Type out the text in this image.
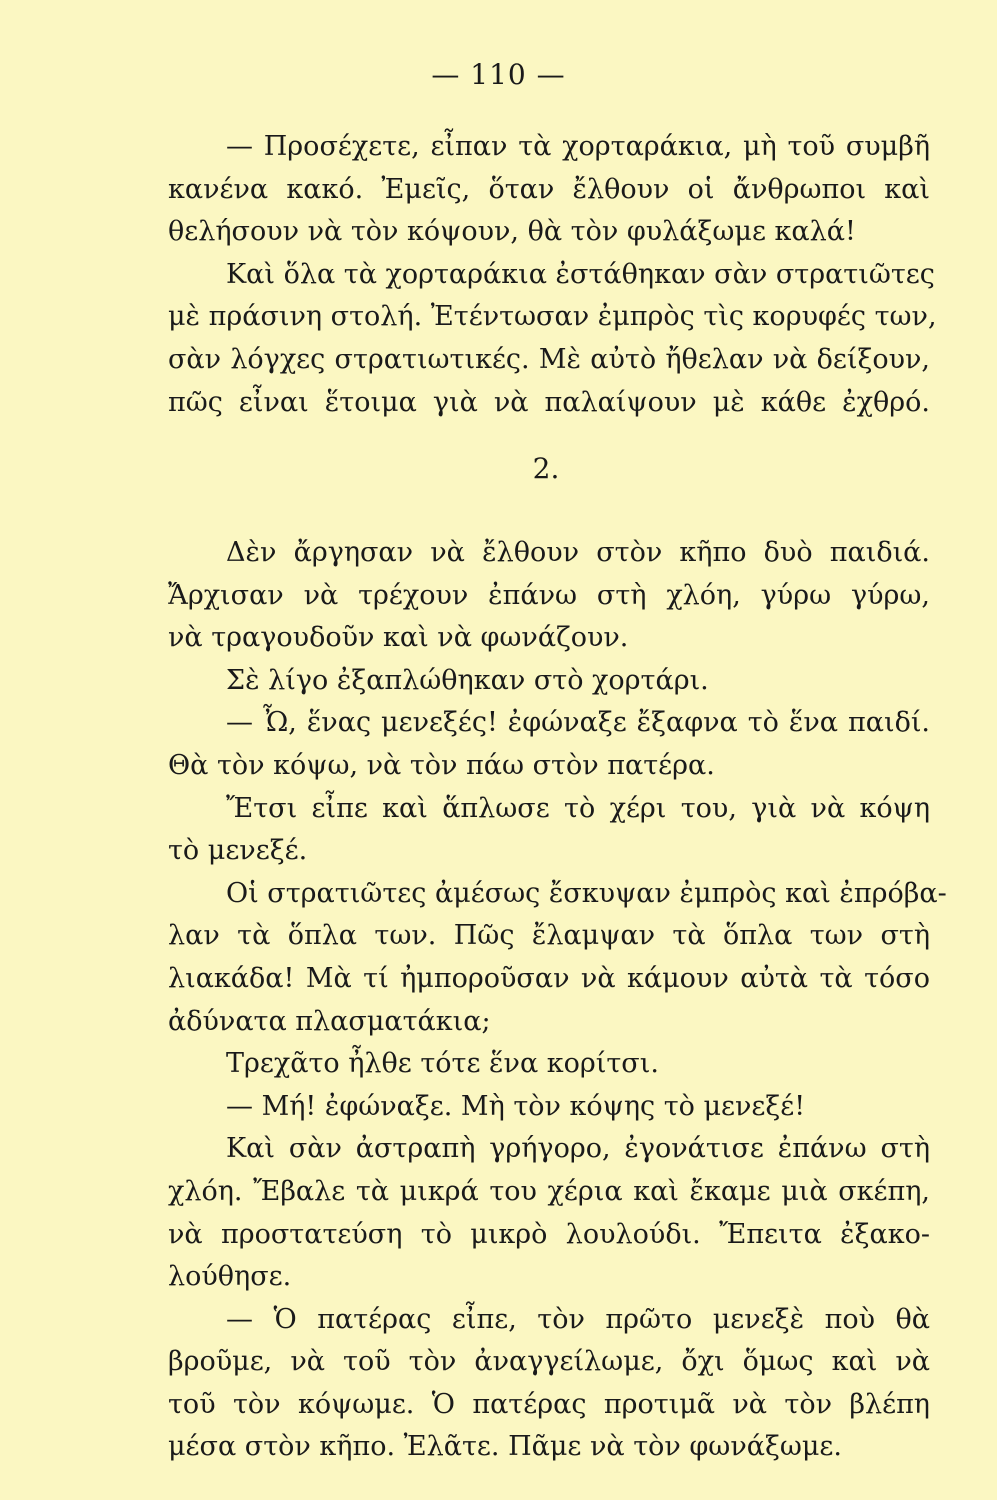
— 110 —
— Προσέχετε, εἶπαν τὰ χορταράκια, μὴ τοῦ συμβῆ
κανένα κακό. Ἐμεῖς, ὅταν ἔλθουν οἱ ἄνθρωποι καὶ
θελήσουν νὰ τὸν κόψουν, θὰ τὸν φυλάξωμε καλά!
Καὶ ὅλα τὰ χορταράκια ἐστάθηκαν σὰν στρατιῶτες
μὲ πράσινη στολή. Ἐτέντωσαν ἐμπρὸς τὶς κορυφές των,
σὰν λόγχες στρατιωτικές. Μὲ αὐτὸ ἤθελαν νὰ δείξουν,
πῶς εἶναι ἕτοιμα γιὰ νὰ παλαίψουν μὲ κάθε ἐχθρό.
2.
Δὲν ἄργησαν νὰ ἔλθουν στὸν κῆπο δυὸ παιδιά.
Ἄρχισαν νὰ τρέχουν ἐπάνω στὴ χλόη, γύρω γύρω,
νὰ τραγουδοῦν καὶ νὰ φωνάζουν.
Σὲ λίγο ἐξαπλώθηκαν στὸ χορτάρι.
— Ὦ, ἕνας μενεξές! ἐφώναξε ἔξαφνα τὸ ἕνα παιδί.
Θὰ τὸν κόψω, νὰ τὸν πάω στὸν πατέρα.
Ἔτσι εἶπε καὶ ἅπλωσε τὸ χέρι του, γιὰ νὰ κόψη
τὸ μενεξέ.
Οἱ στρατιῶτες ἀμέσως ἔσκυψαν ἐμπρὸς καὶ ἐπρόβα-
λαν τὰ ὅπλα των. Πῶς ἔλαμψαν τὰ ὅπλα των στὴ
λιακάδα! Μὰ τί ἠμποροῦσαν νὰ κάμουν αὐτὰ τὰ τόσο
ἀδύνατα πλασματάκια;
Τρεχᾶτο ἦλθε τότε ἕνα κορίτσι.
— Μή! ἐφώναξε. Μὴ τὸν κόψης τὸ μενεξέ!
Καὶ σὰν ἀστραπὴ γρήγορο, ἐγονάτισε ἐπάνω στὴ
χλόη. Ἔβαλε τὰ μικρά του χέρια καὶ ἔκαμε μιὰ σκέπη,
νὰ προστατεύση τὸ μικρὸ λουλούδι. Ἔπειτα ἐξακο-
λούθησε.
— Ὁ πατέρας εἶπε, τὸν πρῶτο μενεξὲ ποὺ θὰ
βροῦμε, νὰ τοῦ τὸν ἀναγγείλωμε, ὄχι ὅμως καὶ νὰ
τοῦ τὸν κόψωμε. Ὁ πατέρας προτιμᾶ νὰ τὸν βλέπη
μέσα στὸν κῆπο. Ἐλᾶτε. Πᾶμε νὰ τὸν φωνάξωμε.
